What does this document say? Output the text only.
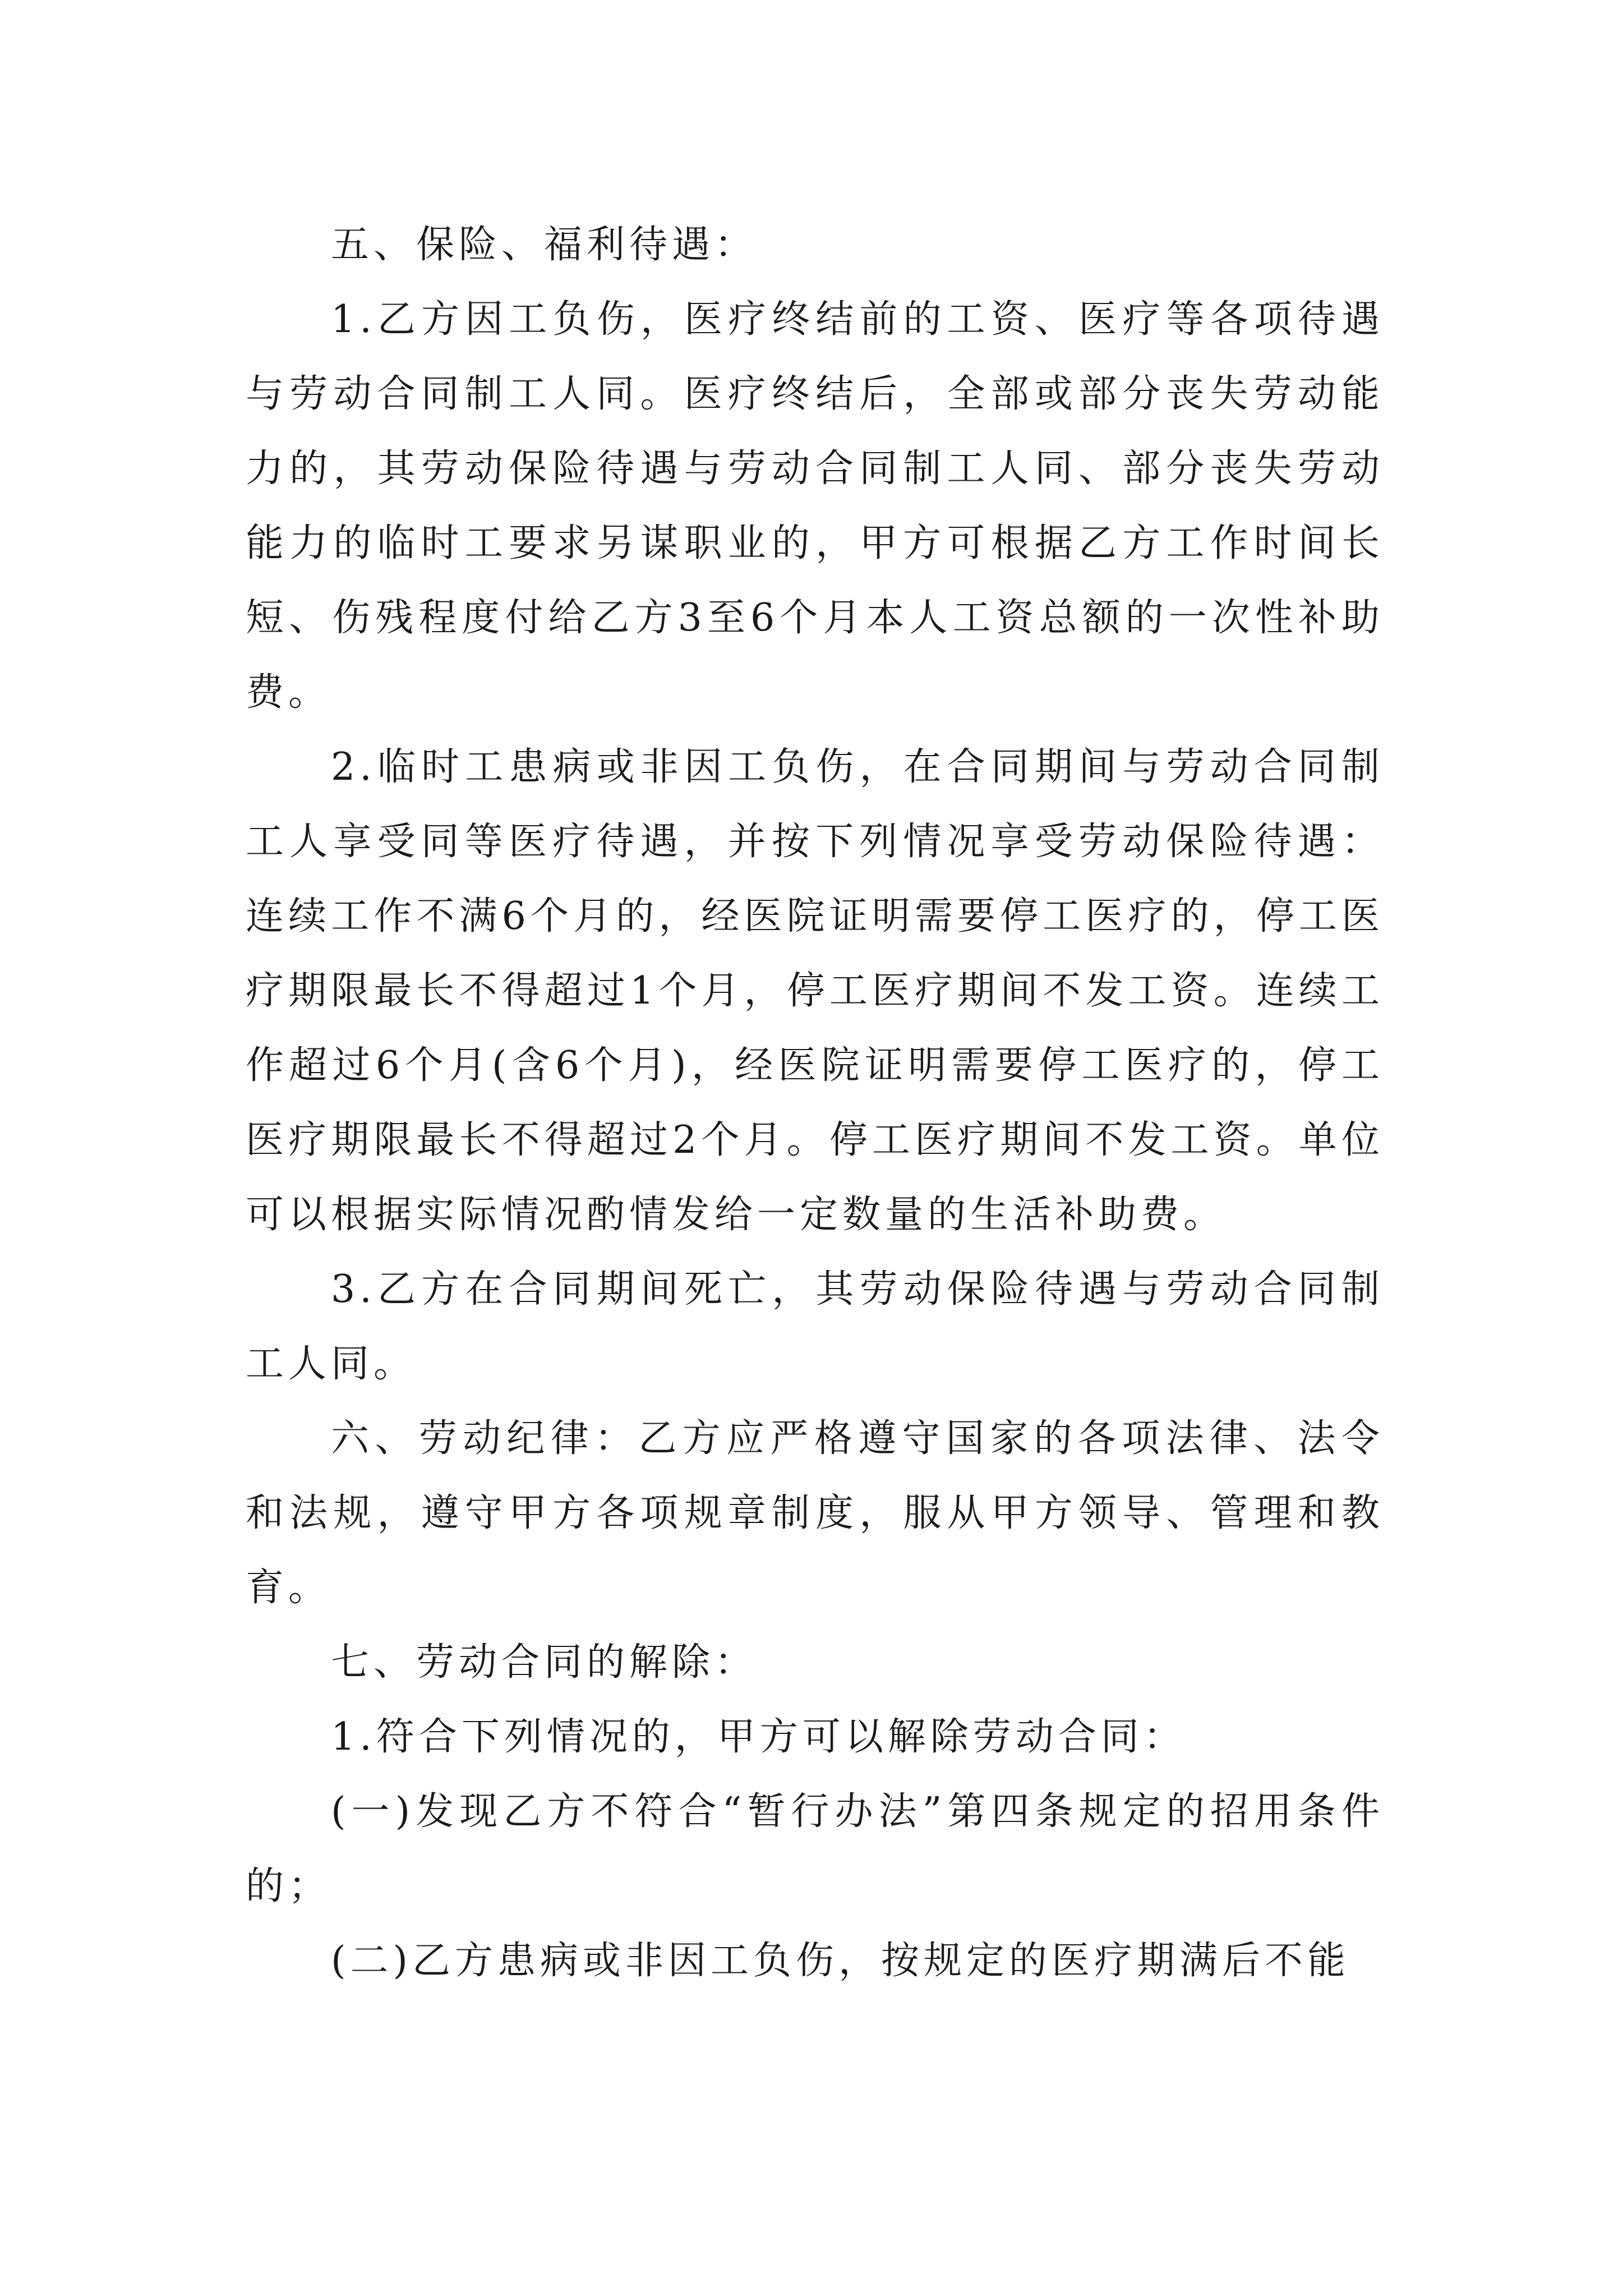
五、保险、福利待遇：

1.乙方因工负伤，医疗终结前的工资、医疗等各项待遇与劳动合同制工人同。医疗终结后，全部或部分丧失劳动能力的，其劳动保险待遇与劳动合同制工人同、部分丧失劳动能力的临时工要求另谋职业的，甲方可根据乙方工作时间长短、伤残程度付给乙方3至6个月本人工资总额的一次性补助费。

2.临时工患病或非因工负伤，在合同期间与劳动合同制工人享受同等医疗待遇，并按下列情况享受劳动保险待遇：连续工作不满6个月的，经医院证明需要停工医疗的，停工医疗期限最长不得超过1个月，停工医疗期间不发工资。连续工作超过6个月(含6个月)，经医院证明需要停工医疗的，停工医疗期限最长不得超过2个月。停工医疗期间不发工资。单位可以根据实际情况酌情发给一定数量的生活补助费。

3.乙方在合同期间死亡，其劳动保险待遇与劳动合同制工人同。

六、劳动纪律：乙方应严格遵守国家的各项法律、法令和法规，遵守甲方各项规章制度，服从甲方领导、管理和教育。

七、劳动合同的解除：

1.符合下列情况的，甲方可以解除劳动合同：

(一)发现乙方不符合“暂行办法”第四条规定的招用条件的；

(二)乙方患病或非因工负伤，按规定的医疗期满后不能
